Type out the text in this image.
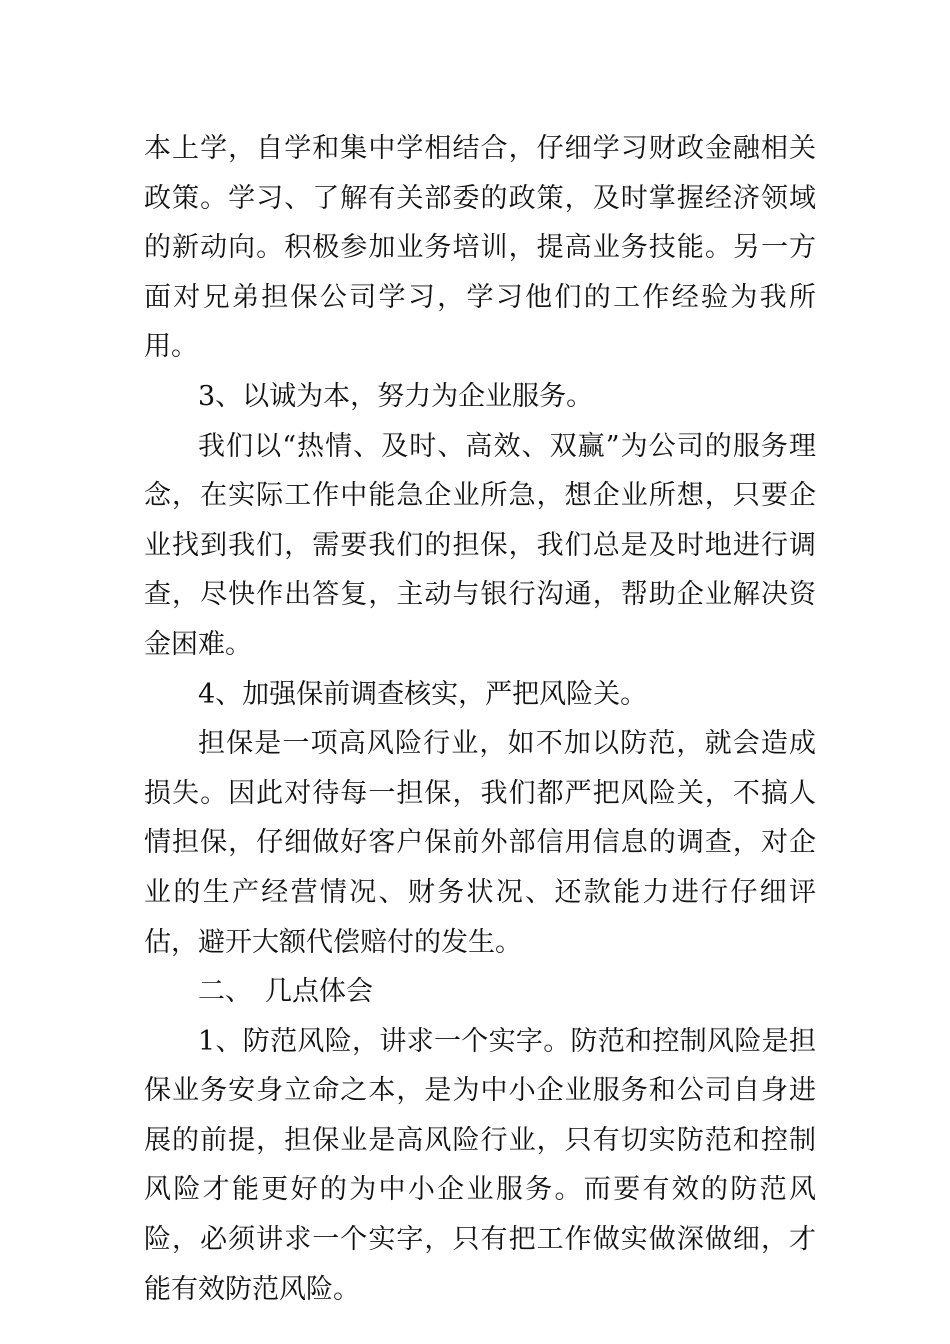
本上学，自学和集中学相结合，仔细学习财政金融相关政策。学习、了解有关部委的政策，及时掌握经济领域的新动向。积极参加业务培训，提高业务技能。另一方面对兄弟担保公司学习，学习他们的工作经验为我所用。

3、以诚为本，努力为企业服务。

我们以“热情、及时、高效、双赢”为公司的服务理念，在实际工作中能急企业所急，想企业所想，只要企业找到我们，需要我们的担保，我们总是及时地进行调查，尽快作出答复，主动与银行沟通，帮助企业解决资金困难。

4、加强保前调查核实，严把风险关。

担保是一项高风险行业，如不加以防范，就会造成损失。因此对待每一担保，我们都严把风险关，不搞人情担保，仔细做好客户保前外部信用信息的调查，对企业的生产经营情况、财务状况、还款能力进行仔细评估，避开大额代偿赔付的发生。

二、 几点体会

1、防范风险，讲求一个实字。防范和控制风险是担保业务安身立命之本，是为中小企业服务和公司自身进展的前提，担保业是高风险行业，只有切实防范和控制风险才能更好的为中小企业服务。而要有效的防范风险，必须讲求一个实字，只有把工作做实做深做细，才能有效防范风险。
